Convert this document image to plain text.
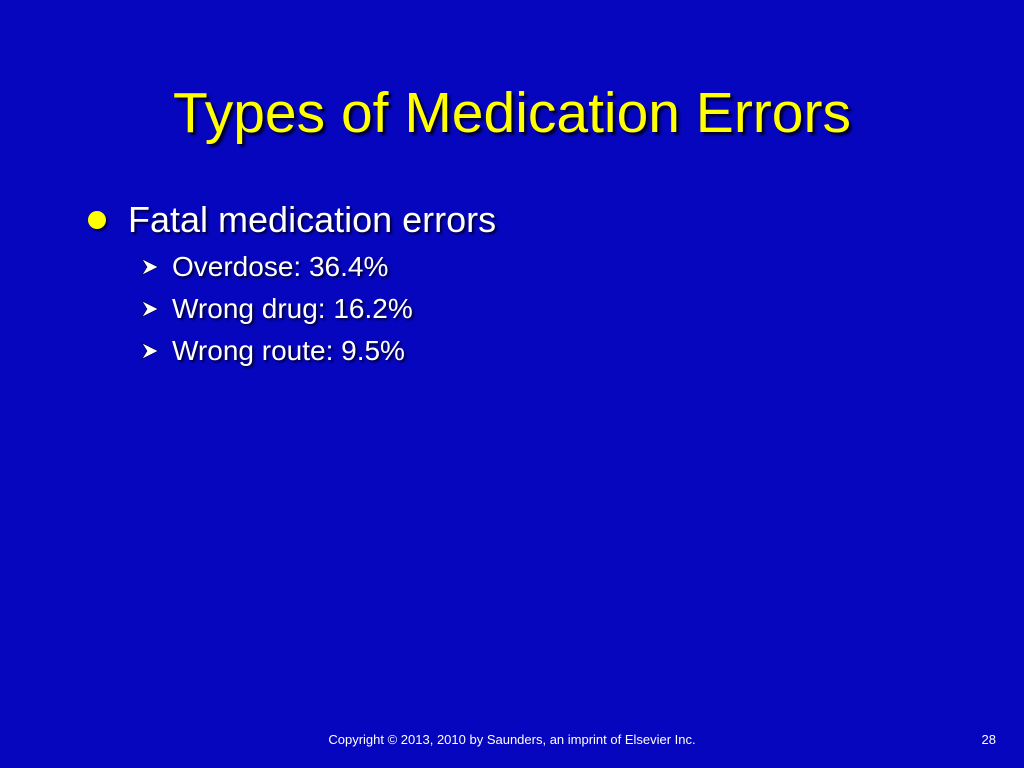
Types of Medication Errors
Fatal medication errors
Overdose: 36.4%
Wrong drug: 16.2%
Wrong route: 9.5%
Copyright © 2013, 2010 by Saunders, an imprint of Elsevier Inc.	28
